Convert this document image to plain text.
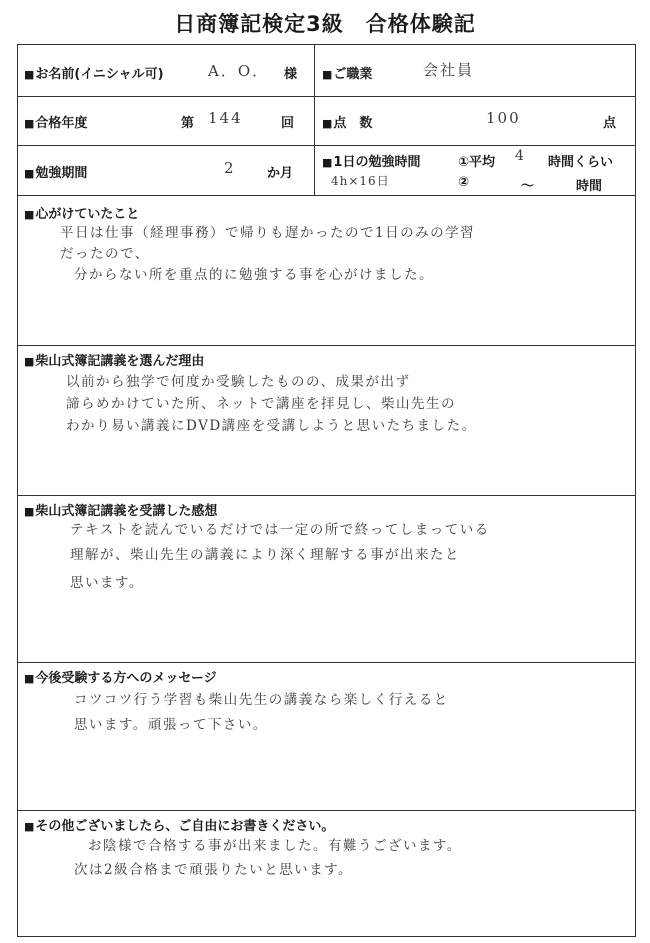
日商簿記検定3級　合格体験記
■ お名前(イニシャル可)	A．O． 様	■ ご職業	会社員
■ 合格年度	第 144	回	■ 点　数	100	点
■ 勉強期間	2 か月
■ 1日の勉強時間	①平均 4 時間くらい
4h×16日	②	〜	時間
■ 心がけていたこと
平日は仕事（経理事務）で帰りも遅かったので1日のみの学習
だったので、
分からない所を重点的に勉強する事を心がけました。
■ 柴山式簿記講義を選んだ理由
以前から独学で何度か受験したものの、成果が出ず
諦らめかけていた所、ネットで講座を拝見し、柴山先生の
わかり易い講義にDVD講座を受講しようと思いたちました。
■ 柴山式簿記講義を受講した感想
テキストを読んでいるだけでは一定の所で終ってしまっている
理解が、柴山先生の講義により深く理解する事が出来たと
思います。
■ 今後受験する方へのメッセージ
コツコツ行う学習も柴山先生の講義なら楽しく行えると
思います。頑張って下さい。
■ その他ございましたら、ご自由にお書きください。
お陰様で合格する事が出来ました。有難うございます。
次は2級合格まで頑張りたいと思います。
